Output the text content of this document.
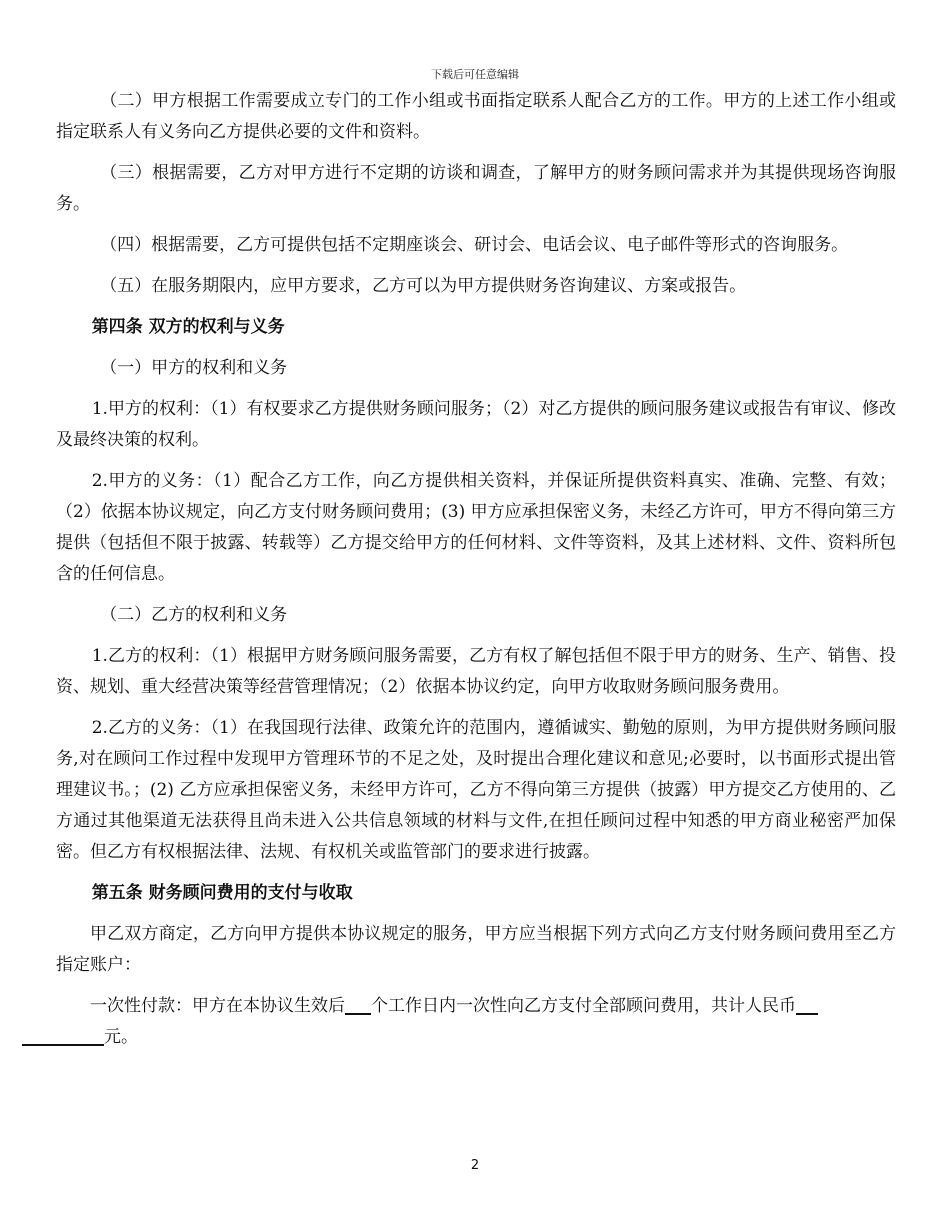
下载后可任意编辑

（二）甲方根据工作需要成立专门的工作小组或书面指定联系人配合乙方的工作。甲方的上述工作小组或指定联系人有义务向乙方提供必要的文件和资料。

（三）根据需要，乙方对甲方进行不定期的访谈和调查，了解甲方的财务顾问需求并为其提供现场咨询服务。

（四）根据需要，乙方可提供包括不定期座谈会、研讨会、电话会议、电子邮件等形式的咨询服务。

（五）在服务期限内，应甲方要求，乙方可以为甲方提供财务咨询建议、方案或报告。

第四条 双方的权利与义务

（一）甲方的权利和义务

1.甲方的权利：（1）有权要求乙方提供财务顾问服务；（2）对乙方提供的顾问服务建议或报告有审议、修改及最终决策的权利。

2.甲方的义务：（1）配合乙方工作，向乙方提供相关资料，并保证所提供资料真实、准确、完整、有效；（2）依据本协议规定，向乙方支付财务顾问费用；(3) 甲方应承担保密义务，未经乙方许可，甲方不得向第三方提供（包括但不限于披露、转载等）乙方提交给甲方的任何材料、文件等资料，及其上述材料、文件、资料所包含的任何信息。

（二）乙方的权利和义务

1.乙方的权利：（1）根据甲方财务顾问服务需要，乙方有权了解包括但不限于甲方的财务、生产、销售、投资、规划、重大经营决策等经营管理情况；（2）依据本协议约定，向甲方收取财务顾问服务费用。

2.乙方的义务：（1）在我国现行法律、政策允许的范围内，遵循诚实、勤勉的原则，为甲方提供财务顾问服务,对在顾问工作过程中发现甲方管理环节的不足之处，及时提出合理化建议和意见;必要时，以书面形式提出管理建议书。；(2) 乙方应承担保密义务，未经甲方许可，乙方不得向第三方提供（披露）甲方提交乙方使用的、乙方通过其他渠道无法获得且尚未进入公共信息领域的材料与文件,在担任顾问过程中知悉的甲方商业秘密严加保密。但乙方有权根据法律、法规、有权机关或监管部门的要求进行披露。

第五条 财务顾问费用的支付与收取

甲乙双方商定，乙方向甲方提供本协议规定的服务，甲方应当根据下列方式向乙方支付财务顾问费用至乙方指定账户：

一次性付款：甲方在本协议生效后 个工作日内一次性向乙方支付全部顾问费用，共计人民币
元。

2
